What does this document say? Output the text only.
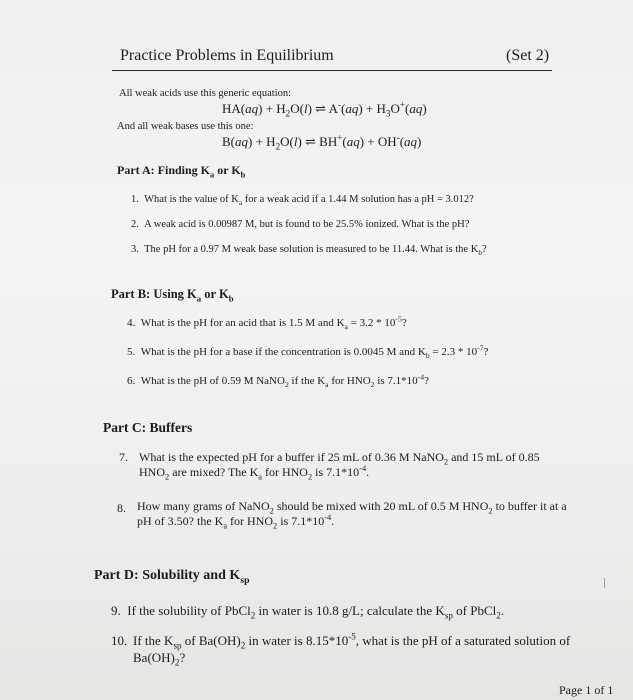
Practice Problems in Equilibrium	(Set 2)
All weak acids use this generic equation:
$HA(aq) + H_2O(l)$ ⇌ $A^-(aq) + H_3O^+(aq)$
And all weak bases use this one:
$B(aq) + H_2O(l)$ ⇌ BH+(aq) + OH-(aq)
Part A: Finding $K_a$ or $K_b$
1.  What is the value of $K_a$ for a weak acid if a 1.44 M solution has a pH = 3.012?
2. A weak acid is 0.00987 M, but is found to be 25.5% ionized. What is the pH?
3.  The pH for a 0.97 M weak base solution is measured to be 11.44. What is the $K_b$?
Part B: Using $K_a$ or $K_b$
4.  What is the pH for an acid that is 1.5 M and $K_a = 3.2 * 10^{-5}$?
5.  What is the pH for a base if the concentration is 0.0045 M and $K_b = 2.3 * 10^{-7}$?
6.  What is the pH of 0.59 M NaNO$_2$ if the $K_a$ for $HNO_2$ is $7.1*10^{-4}$?
Part C: Buffers
7. What is the expected pH for a buffer if 25 mL of 0.36 M NaNO$_2$ and 15 mL of 0.85
$HNO_2$ are mixed? The $K_a$ for $HNO_2$ is $7.1*10^{-4}$.
8. How many grams of NaNO$_2$ should be mixed with 20 mL of 0.5 M $HNO_2$ to buffer it at a
pH of 3.50? the $K_a$ for $HNO_2$ is $7.1*10^{-4}$.
Part D: Solubility and $K_{sp}$
9.  If the solubility of PbCl$_2$ in water is 10.8 g/L; calculate the $K_{sp}$ of PbCl$_2$.
10. If the $K_{sp}$ of $Ba(OH)_2$ in water is $8.15*10^{-5}$, what is the pH of a saturated solution of
$Ba(OH)_2$?
Page 1 of 1
